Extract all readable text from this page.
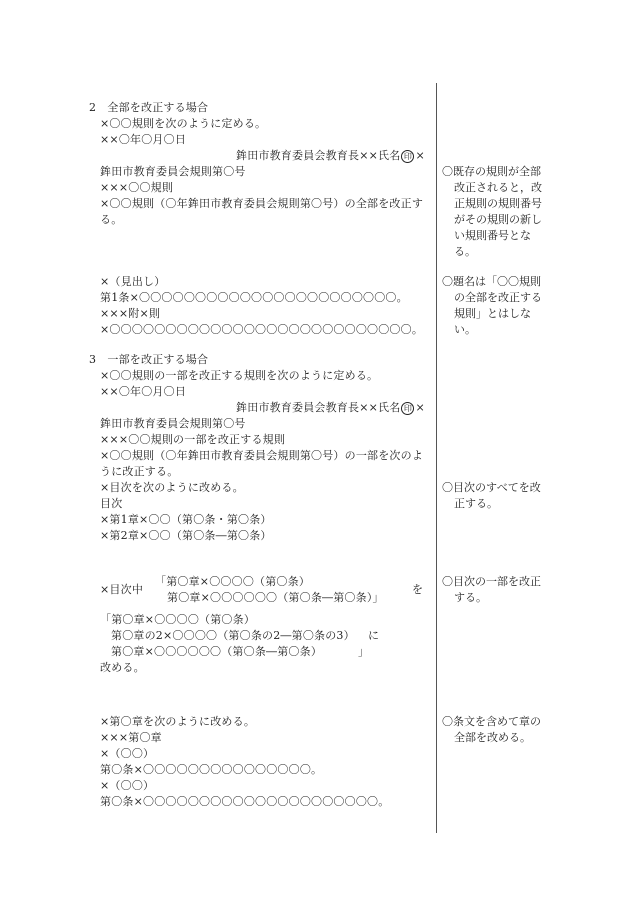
2　全部を改正する場合
×〇〇規則を次のように定める。
××〇年〇月〇日
鉾田市教育委員会教育長××氏名 印 ×
鉾田市教育委員会規則第〇号
×××〇〇規則
×〇〇規則（〇年鉾田市教育委員会規則第〇号）の全部を改正す
る。
〇既存の規則が全部
改正されると，改
正規則の規則番号
がその規則の新し
い規則番号とな
る。
×（見出し）
第1条×〇〇〇〇〇〇〇〇〇〇〇〇〇〇〇〇〇〇〇〇〇〇〇。
×××附×則
×〇〇〇〇〇〇〇〇〇〇〇〇〇〇〇〇〇〇〇〇〇〇〇〇〇〇〇。
〇題名は「〇〇規則
の全部を改正する
規則」とはしな
い。
3　一部を改正する場合
×〇〇規則の一部を改正する規則を次のように定める。
××〇年〇月〇日
鉾田市教育委員会教育長××氏名 印 ×
鉾田市教育委員会規則第〇号
×××〇〇規則の一部を改正する規則
×〇〇規則（〇年鉾田市教育委員会規則第〇号）の一部を次のよ
うに改正する。
×目次を次のように改める。
目次
×第1章×〇〇（第〇条・第〇条）
×第2章×〇〇（第〇条―第〇条）
〇目次のすべてを改
正する。
×目次中
「第〇章×〇〇〇〇（第〇条）
第〇章×〇〇〇〇〇〇（第〇条―第〇条）」
を
〇目次の一部を改正
する。
「第〇章×〇〇〇〇（第〇条）
第〇章の2×〇〇〇〇（第〇条の2―第〇条の3） に
第〇章×〇〇〇〇〇〇（第〇条―第〇条）	」
改める。
×第〇章を次のように改める。
×××第〇章
×（〇〇）
第〇条×〇〇〇〇〇〇〇〇〇〇〇〇〇〇〇。
×（〇〇）
第〇条×〇〇〇〇〇〇〇〇〇〇〇〇〇〇〇〇〇〇〇〇〇。
〇条文を含めて章の
全部を改める。
